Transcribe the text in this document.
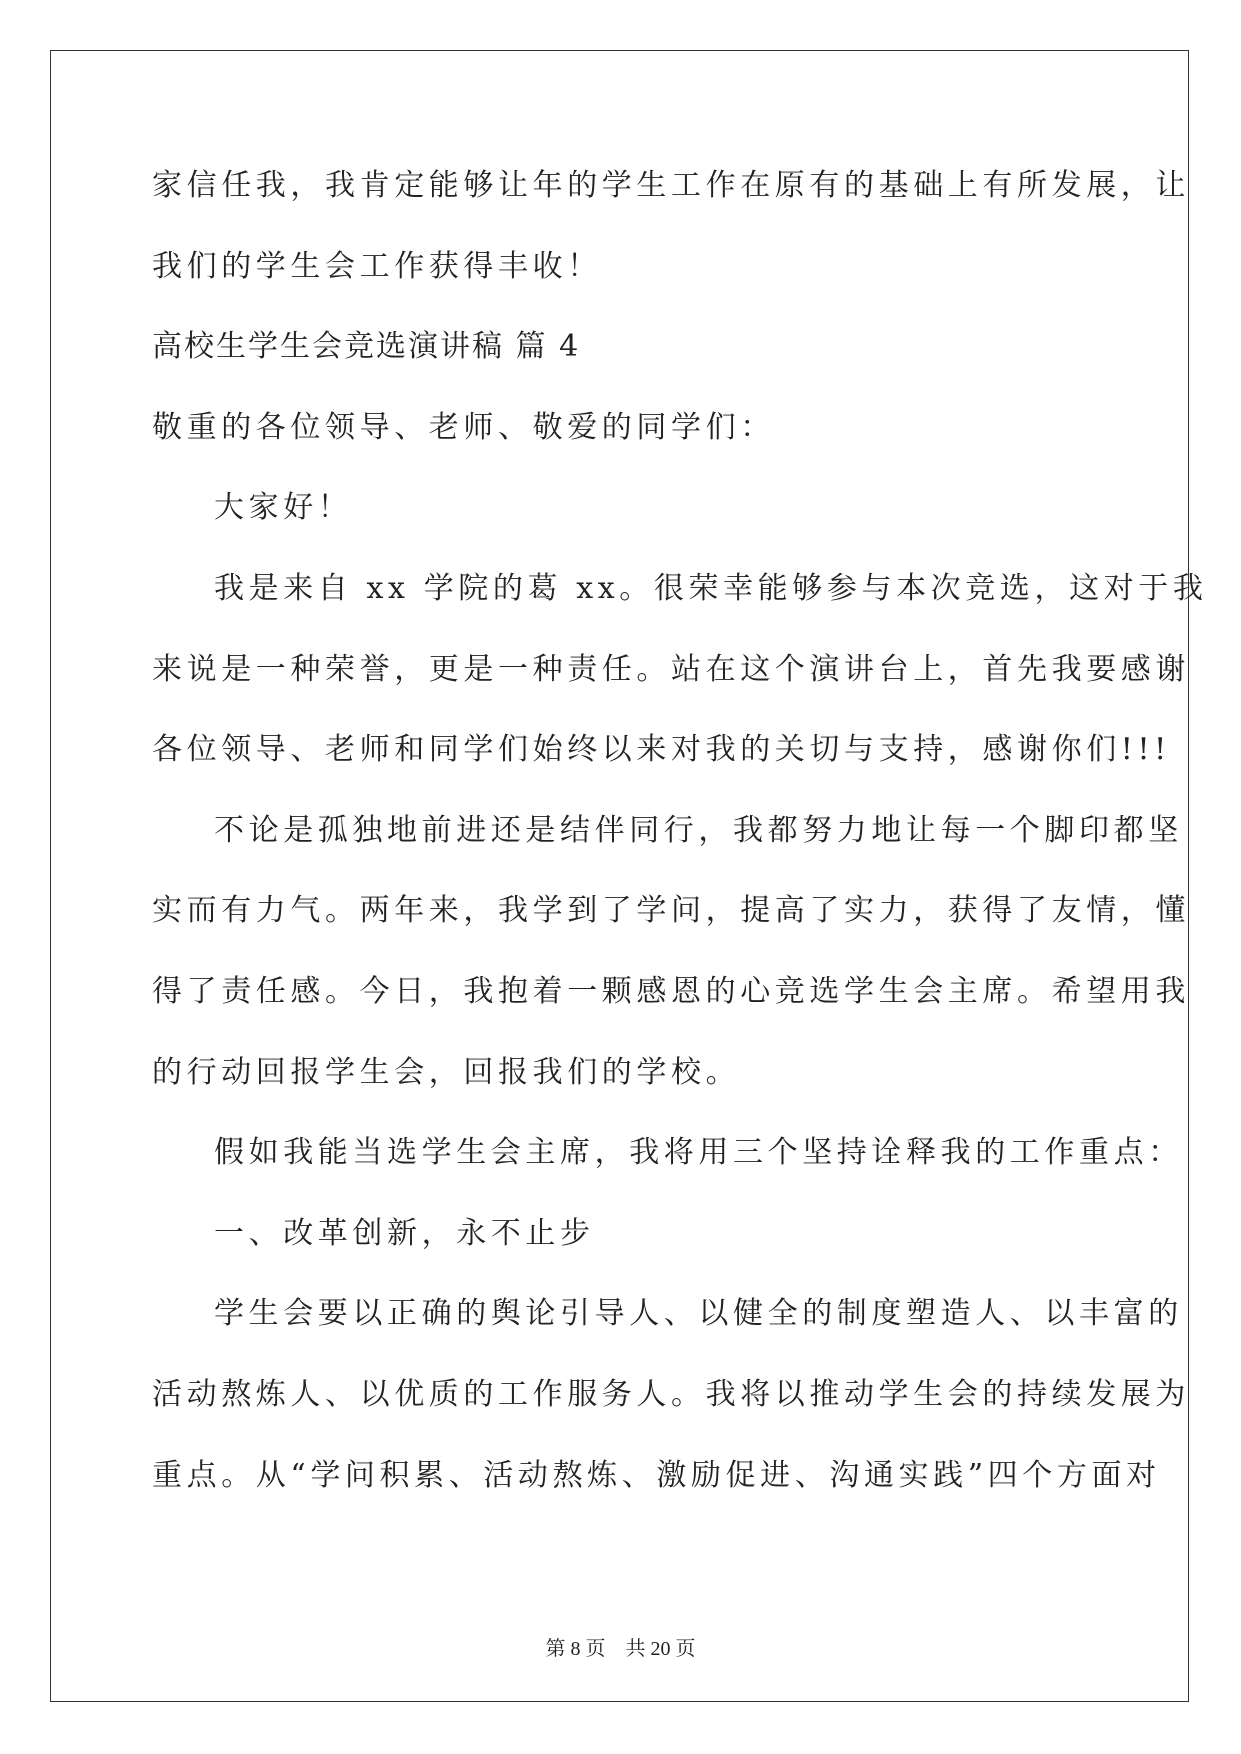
家信任我，我肯定能够让年的学生工作在原有的基础上有所发展，让
我们的学生会工作获得丰收！
高校生学生会竞选演讲稿 篇 4
敬重的各位领导、老师、敬爱的同学们：
大家好！
我是来自 xx 学院的葛 xx。很荣幸能够参与本次竞选，这对于我
来说是一种荣誉，更是一种责任。站在这个演讲台上，首先我要感谢
各位领导、老师和同学们始终以来对我的关切与支持，感谢你们!!!
不论是孤独地前进还是结伴同行，我都努力地让每一个脚印都坚
实而有力气。两年来，我学到了学问，提高了实力，获得了友情，懂
得了责任感。今日，我抱着一颗感恩的心竞选学生会主席。希望用我
的行动回报学生会，回报我们的学校。
假如我能当选学生会主席，我将用三个坚持诠释我的工作重点：
一、改革创新，永不止步
学生会要以正确的舆论引导人、以健全的制度塑造人、以丰富的
活动熬炼人、以优质的工作服务人。我将以推动学生会的持续发展为
重点。从“学问积累、活动熬炼、激励促进、沟通实践”四个方面对
第 8 页 共 20 页
